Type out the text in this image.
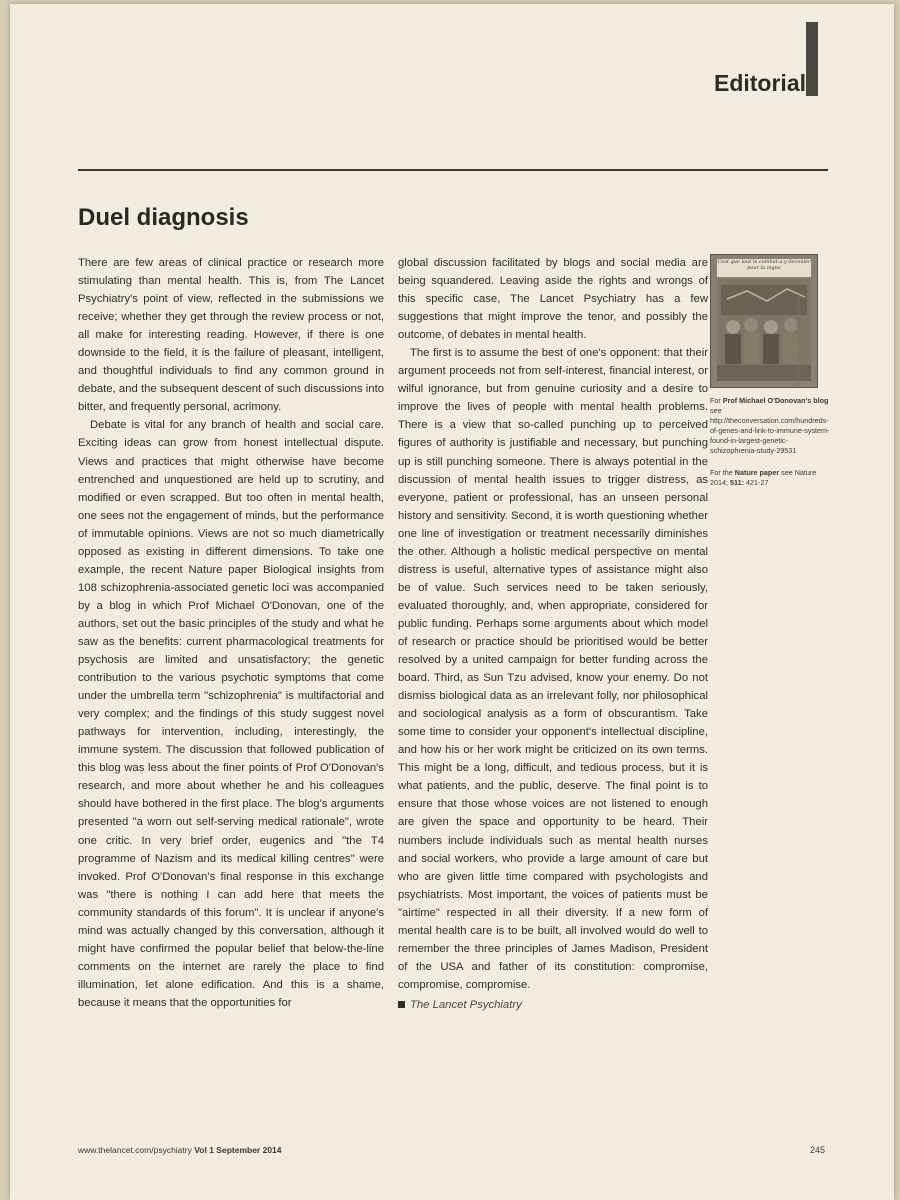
Editorial
Duel diagnosis

There are few areas of clinical practice or research more stimulating than mental health. This is, from The Lancet Psychiatry's point of view, reflected in the submissions we receive; whether they get through the review process or not, all make for interesting reading. However, if there is one downside to the field, it is the failure of pleasant, intelligent, and thoughtful individuals to find any common ground in debate, and the subsequent descent of such discussions into bitter, and frequently personal, acrimony.

Debate is vital for any branch of health and social care. Exciting ideas can grow from honest intellectual dispute. Views and practices that might otherwise have become entrenched and unquestioned are held up to scrutiny, and modified or even scrapped. But too often in mental health, one sees not the engagement of minds, but the performance of immutable opinions. Views are not so much diametrically opposed as existing in different dimensions. To take one example, the recent Nature paper Biological insights from 108 schizophrenia-associated genetic loci was accompanied by a blog in which Prof Michael O'Donovan, one of the authors, set out the basic principles of the study and what he saw as the benefits: current pharmacological treatments for psychosis are limited and unsatisfactory; the genetic contribution to the various psychotic symptoms that come under the umbrella term "schizophrenia" is multifactorial and very complex; and the findings of this study suggest novel pathways for intervention, including, interestingly, the immune system. The discussion that followed publication of this blog was less about the finer points of Prof O'Donovan's research, and more about whether he and his colleagues should have bothered in the first place. The blog's arguments presented "a worn out self-serving medical rationale", wrote one critic. In very brief order, eugenics and "the T4 programme of Nazism and its medical killing centres" were invoked. Prof O'Donovan's final response in this exchange was "there is nothing I can add here that meets the community standards of this forum". It is unclear if anyone's mind was actually changed by this conversation, although it might have confirmed the popular belief that below-the-line comments on the internet are rarely the place to find illumination, let alone edification. And this is a shame, because it means that the opportunities for

global discussion facilitated by blogs and social media are being squandered. Leaving aside the rights and wrongs of this specific case, The Lancet Psychiatry has a few suggestions that might improve the tenor, and possibly the outcome, of debates in mental health.

The first is to assume the best of one's opponent: that their argument proceeds not from self-interest, financial interest, or wilful ignorance, but from genuine curiosity and a desire to improve the lives of people with mental health problems. There is a view that so-called punching up to perceived figures of authority is justifiable and necessary, but punching up is still punching someone. There is always potential in the discussion of mental health issues to trigger distress, as everyone, patient or professional, has an unseen personal history and sensitivity. Second, it is worth questioning whether one line of investigation or treatment necessarily diminishes the other. Although a holistic medical perspective on mental distress is useful, alternative types of assistance might also be of value. Such services need to be taken seriously, evaluated thoroughly, and, when appropriate, considered for public funding. Perhaps some arguments about which model of research or practice should be prioritised would be better resolved by a united campaign for better funding across the board. Third, as Sun Tzu advised, know your enemy. Do not dismiss biological data as an irrelevant folly, nor philosophical and sociological analysis as a form of obscurantism. Take some time to consider your opponent's intellectual discipline, and how his or her work might be criticized on its own terms. This might be a long, difficult, and tedious process, but it is what patients, and the public, deserve. The final point is to ensure that those whose voices are not listened to enough are given the space and opportunity to be heard. Their numbers include individuals such as mental health nurses and social workers, who provide a large amount of care but who are given little time compared with psychologists and psychiatrists. Most important, the voices of patients must be "airtime" respected in all their diversity. If a new form of mental health care is to be built, all involved would do well to remember the three principles of James Madison, President of the USA and father of its constitution: compromise, compromise, compromise.

The Lancet Psychiatry

Cest que laut le combat a y decouler pour la mgne
British Library / Science Photo Library
For Prof Michael O'Donovan's blog see http://theconversation.com/hundreds-of-genes-and-link-to-immune-system-found-in-largest-genetic-schizophrenia-study-29531
For the Nature paper see Nature 2014; 511: 421-27
www.thelancet.com/psychiatry Vol 1 September 2014	245
